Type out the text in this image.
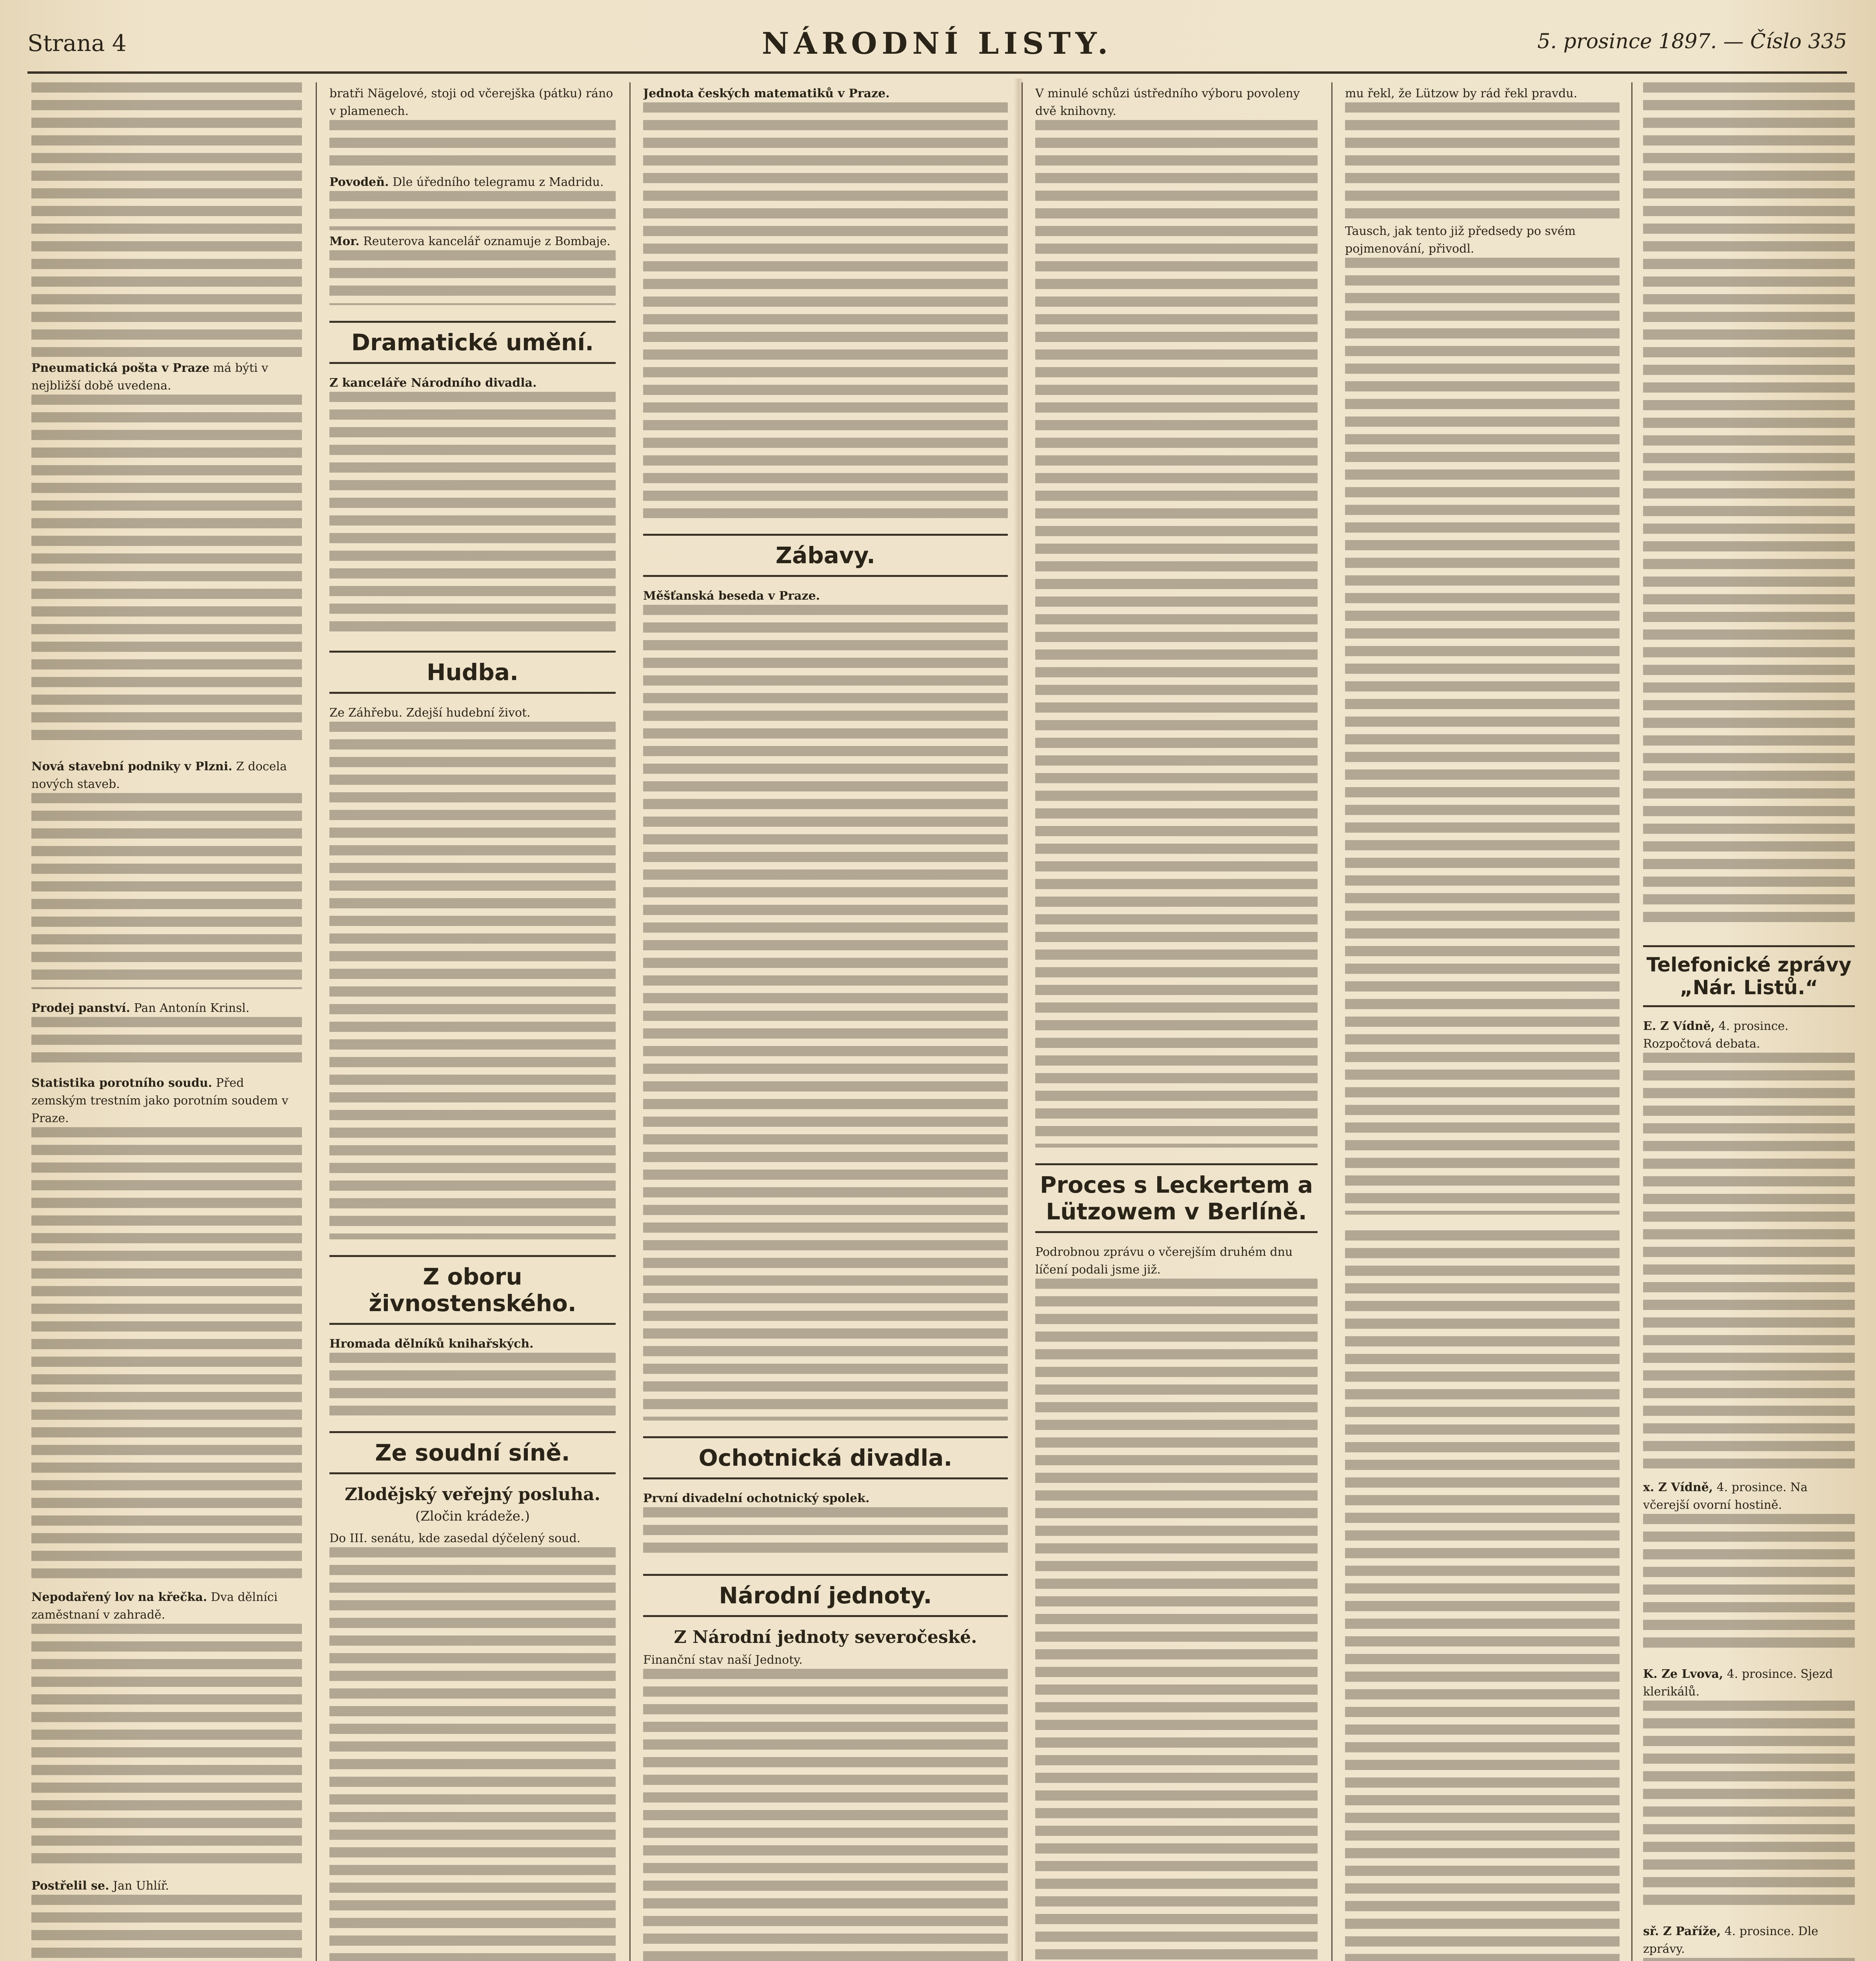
Strana 4	NÁRODNÍ LISTY.	5. prosince 1897. — Číslo 335
Pneumatická pošta v Praze má býti v nejbližší době uvedena.
Nová stavební podniky v Plzni. Z docela nových staveb.
Prodej panství. Pan Antonín Krinsl.
Statistika porotního soudu. Před zemským trestním jako porotním soudem v Praze.
Nepodařený lov na křečka. Dva dělníci zaměstnaní v zahradě.
Postřelil se. Jan Uhlíř.
bratři Nägelové, stoji od včerejška (pátku) ráno v plamenech.
Povodeň. Dle úředního telegramu z Madridu.
Mor. Reuterova kancelář oznamuje z Bombaje.
Dramatické umění.
Z kanceláře Národního divadla.
Hudba.
Ze Záhřebu. Zdejší hudební život.
Z oboru živnostenského.
Hromada dělníků knihařských.
Ze soudní síně.
Zlodějský veřejný posluha.
(Zločin krádeže.)
Do III. senátu, kde zasedal dýčelený soud.
Jednota českých matematiků v Praze.
Zábavy.
Měšťanská beseda v Praze.
Ochotnická divadla.
První divadelní ochotnický spolek.
Národní jednoty.
Z Národní jednoty severočeské.
Finanční stav naší Jednoty.
V minulé schůzi ústředního výboru povoleny dvě knihovny.
Proces s Leckertem a Lützowem v Berlíně.
Podrobnou zprávu o včerejším druhém dnu líčení podali jsme již.
mu řekl, že Lützow by rád řekl pravdu.
Tausch, jak tento již předsedy po svém pojmenování, přivodl.
Telefonické zprávy „Nár. Listů.“
E. Z Vídně, 4. prosince. Rozpočtová debata.
x. Z Vídně, 4. prosince. Na včerejší ovorní hostině.
K. Ze Lvova, 4. prosince. Sjezd klerikálů.
sř. Z Paříže, 4. prosince. Dle zprávy.
